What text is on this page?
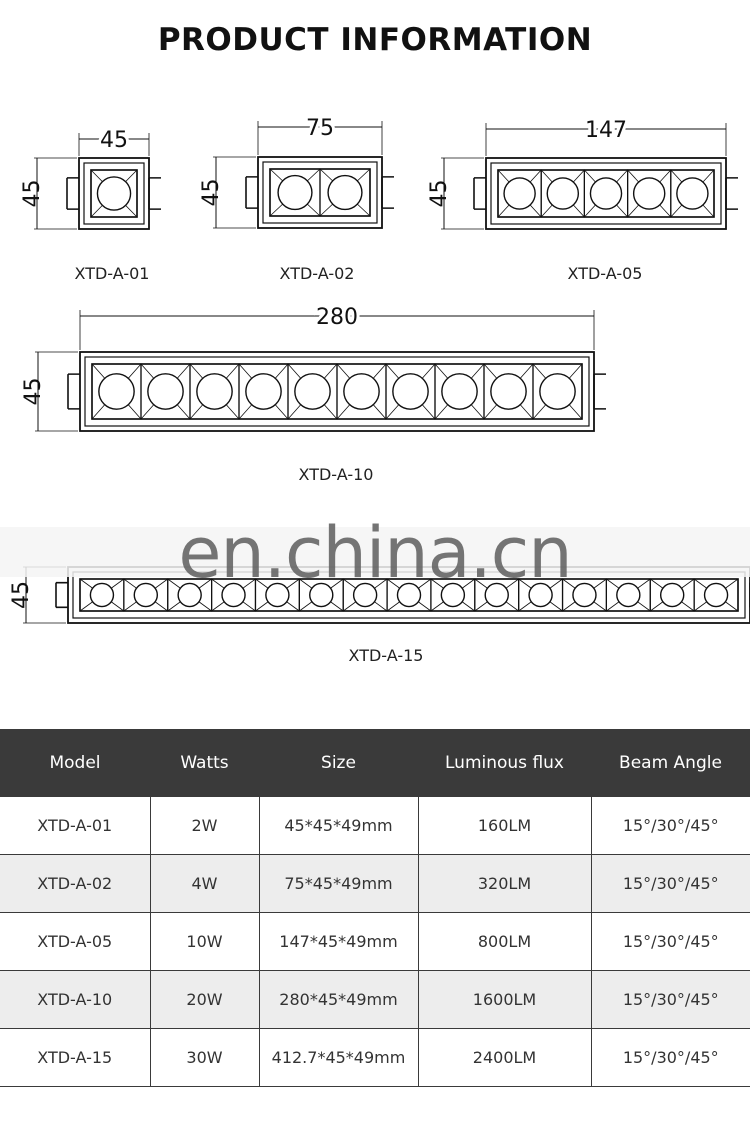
PRODUCT INFORMATION
45
45
45
75
45
147
45
280
45
XTD-A-01	XTD-A-02	XTD-A-05
XTD-A-10
XTD-A-15
en.china.cn
Model	Watts	Size	Luminous flux	Beam Angle
XTD-A-01	2W	45*45*49mm	160LM	15°/30°/45°
XTD-A-02	4W	75*45*49mm	320LM	15°/30°/45°
XTD-A-05	10W	147*45*49mm	800LM	15°/30°/45°
XTD-A-10	20W	280*45*49mm	1600LM	15°/30°/45°
XTD-A-15	30W	412.7*45*49mm	2400LM	15°/30°/45°
